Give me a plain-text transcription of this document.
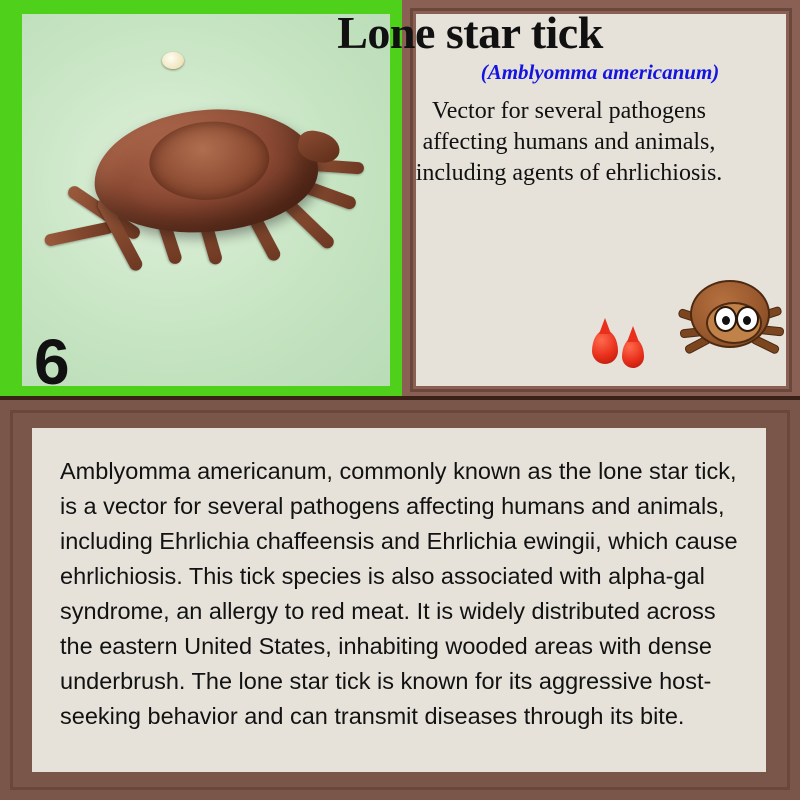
6
Lone star tick
(Amblyomma americanum)
Vector for several pathogens affecting humans and animals, including agents of ehrlichiosis.
Amblyomma americanum, commonly known as the lone star tick, is a vector for several pathogens affecting humans and animals, including Ehrlichia chaffeensis and Ehrlichia ewingii, which cause ehrlichiosis. This tick species is also associated with alpha-gal syndrome, an allergy to red meat. It is widely distributed across the eastern United States, inhabiting wooded areas with dense underbrush. The lone star tick is known for its aggressive host-seeking behavior and can transmit diseases through its bite.
